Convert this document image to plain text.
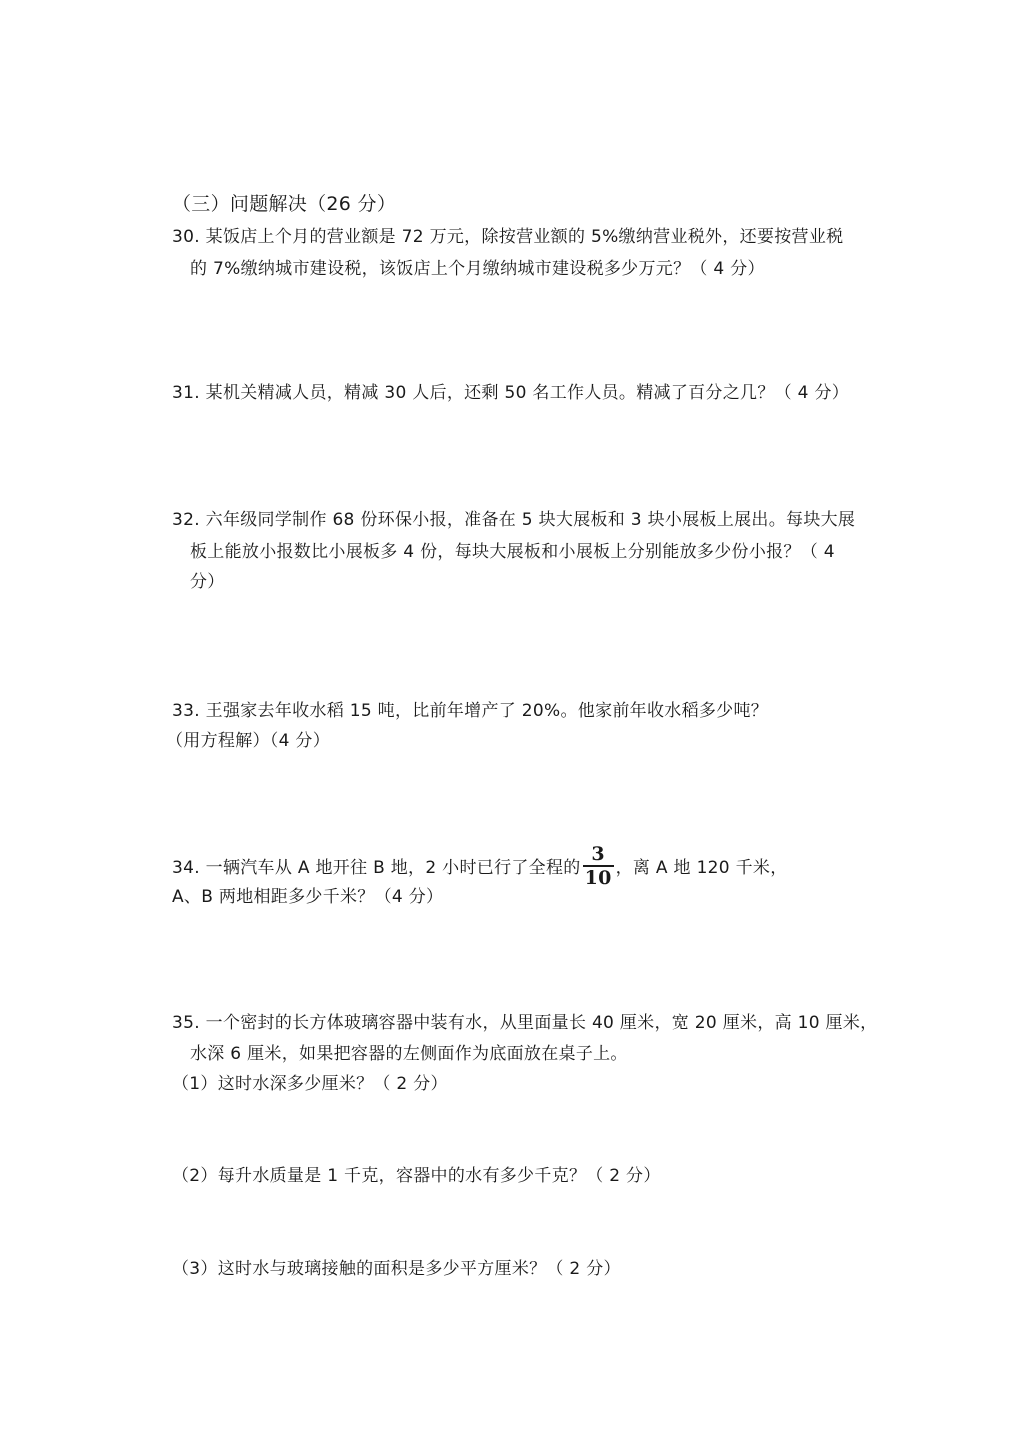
（三）问题解决（26 分）
30. 某饭店上个月的营业额是 72 万元，除按营业额的 5%缴纳营业税外，还要按营业税
的 7%缴纳城市建设税，该饭店上个月缴纳城市建设税多少万元？（ 4 分）
31. 某机关精减人员，精减 30 人后，还剩 50 名工作人员。精减了百分之几？（ 4 分）
32. 六年级同学制作 68 份环保小报，准备在 5 块大展板和 3 块小展板上展出。每块大展
板上能放小报数比小展板多 4 份，每块大展板和小展板上分别能放多少份小报？（ 4
分）
33. 王强家去年收水稻 15 吨，比前年增产了 20%。他家前年收水稻多少吨？
（用方程解）（4 分）
34. 一辆汽车从 A 地开往 B 地，2 小时已行了全程的 $\frac{3}{10}$ ，离 A 地 120 千米，
A、B 两地相距多少千米？（4 分）
35. 一个密封的长方体玻璃容器中装有水，从里面量长 40 厘米，宽 20 厘米，高 10 厘米，
水深 6 厘米，如果把容器的左侧面作为底面放在桌子上。
（1）这时水深多少厘米？（ 2 分）
（2）每升水质量是 1 千克，容器中的水有多少千克？（ 2 分）
（3）这时水与玻璃接触的面积是多少平方厘米？（ 2 分）
